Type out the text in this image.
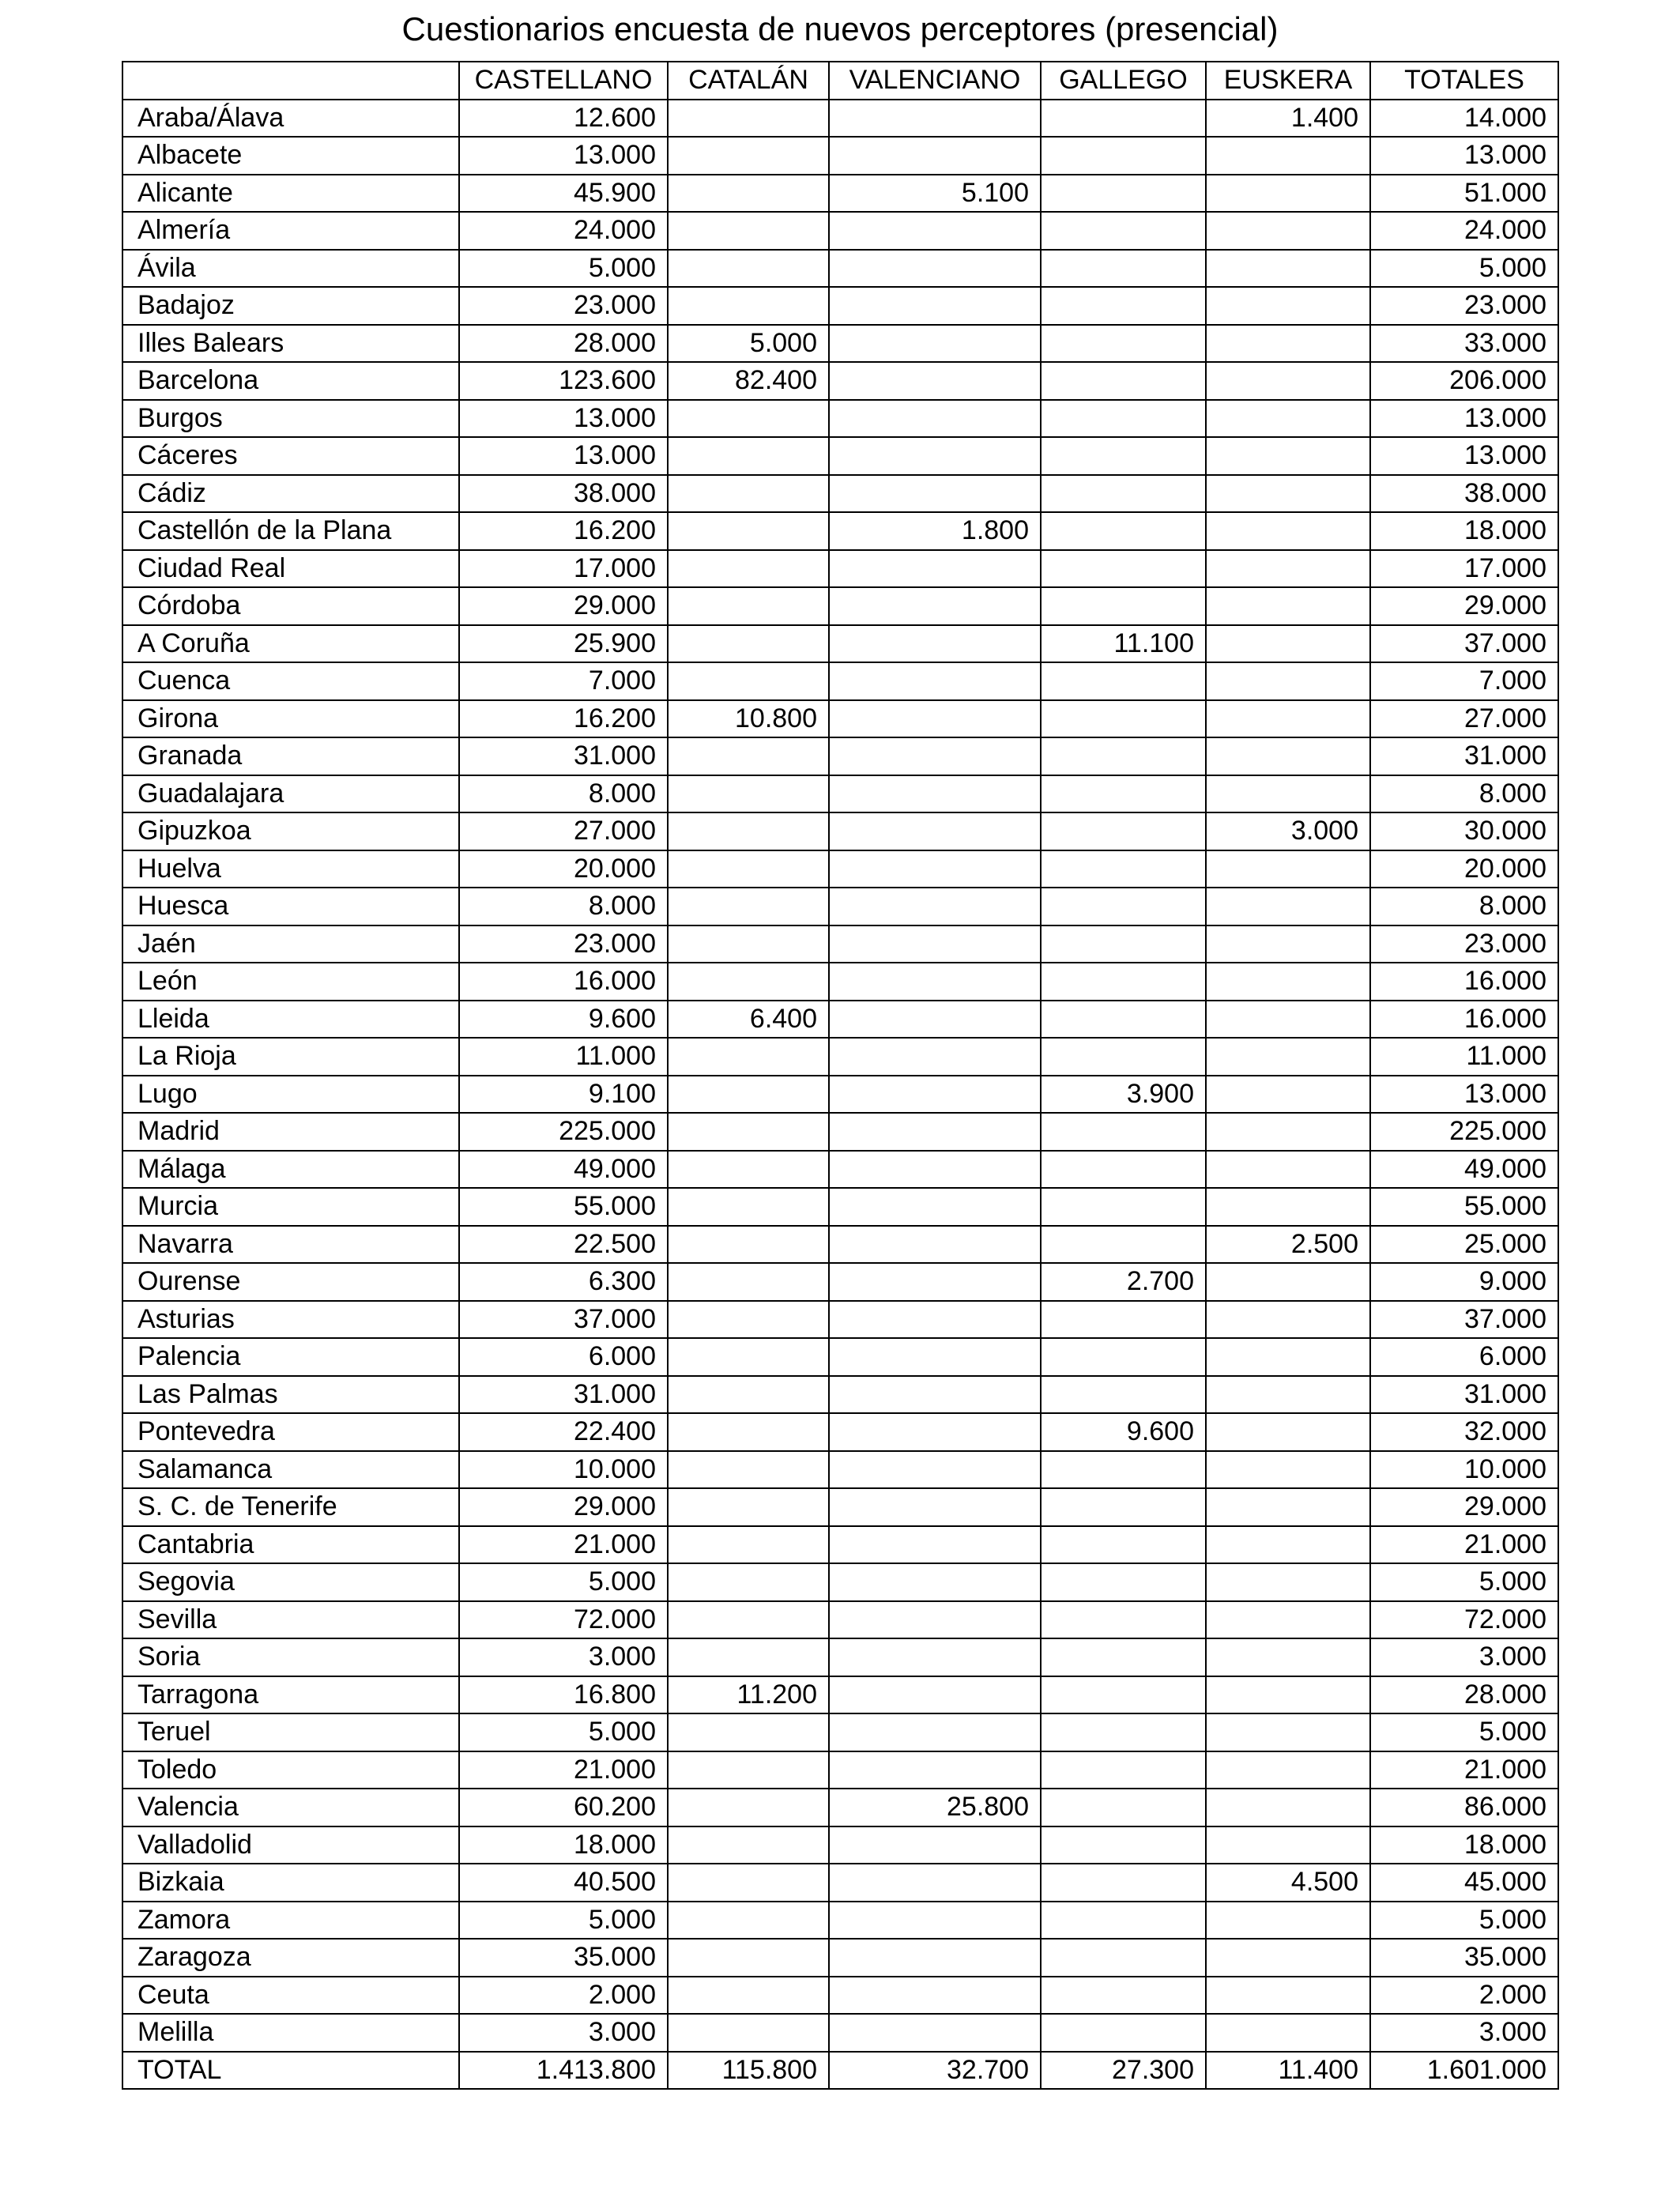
Cuestionarios encuesta de nuevos perceptores (presencial)
	CASTELLANO	CATALÁN	VALENCIANO	GALLEGO	EUSKERA	TOTALES
Araba/Álava	12.600				1.400	14.000
Albacete	13.000					13.000
Alicante	45.900		5.100			51.000
Almería	24.000					24.000
Ávila	5.000					5.000
Badajoz	23.000					23.000
Illes Balears	28.000	5.000				33.000
Barcelona	123.600	82.400				206.000
Burgos	13.000					13.000
Cáceres	13.000					13.000
Cádiz	38.000					38.000
Castellón de la Plana	16.200		1.800			18.000
Ciudad Real	17.000					17.000
Córdoba	29.000					29.000
A Coruña	25.900			11.100		37.000
Cuenca	7.000					7.000
Girona	16.200	10.800				27.000
Granada	31.000					31.000
Guadalajara	8.000					8.000
Gipuzkoa	27.000				3.000	30.000
Huelva	20.000					20.000
Huesca	8.000					8.000
Jaén	23.000					23.000
León	16.000					16.000
Lleida	9.600	6.400				16.000
La Rioja	11.000					11.000
Lugo	9.100			3.900		13.000
Madrid	225.000					225.000
Málaga	49.000					49.000
Murcia	55.000					55.000
Navarra	22.500				2.500	25.000
Ourense	6.300			2.700		9.000
Asturias	37.000					37.000
Palencia	6.000					6.000
Las Palmas	31.000					31.000
Pontevedra	22.400			9.600		32.000
Salamanca	10.000					10.000
S. C. de Tenerife	29.000					29.000
Cantabria	21.000					21.000
Segovia	5.000					5.000
Sevilla	72.000					72.000
Soria	3.000					3.000
Tarragona	16.800	11.200				28.000
Teruel	5.000					5.000
Toledo	21.000					21.000
Valencia	60.200		25.800			86.000
Valladolid	18.000					18.000
Bizkaia	40.500				4.500	45.000
Zamora	5.000					5.000
Zaragoza	35.000					35.000
Ceuta	2.000					2.000
Melilla	3.000					3.000
TOTAL	1.413.800	115.800	32.700	27.300	11.400	1.601.000
